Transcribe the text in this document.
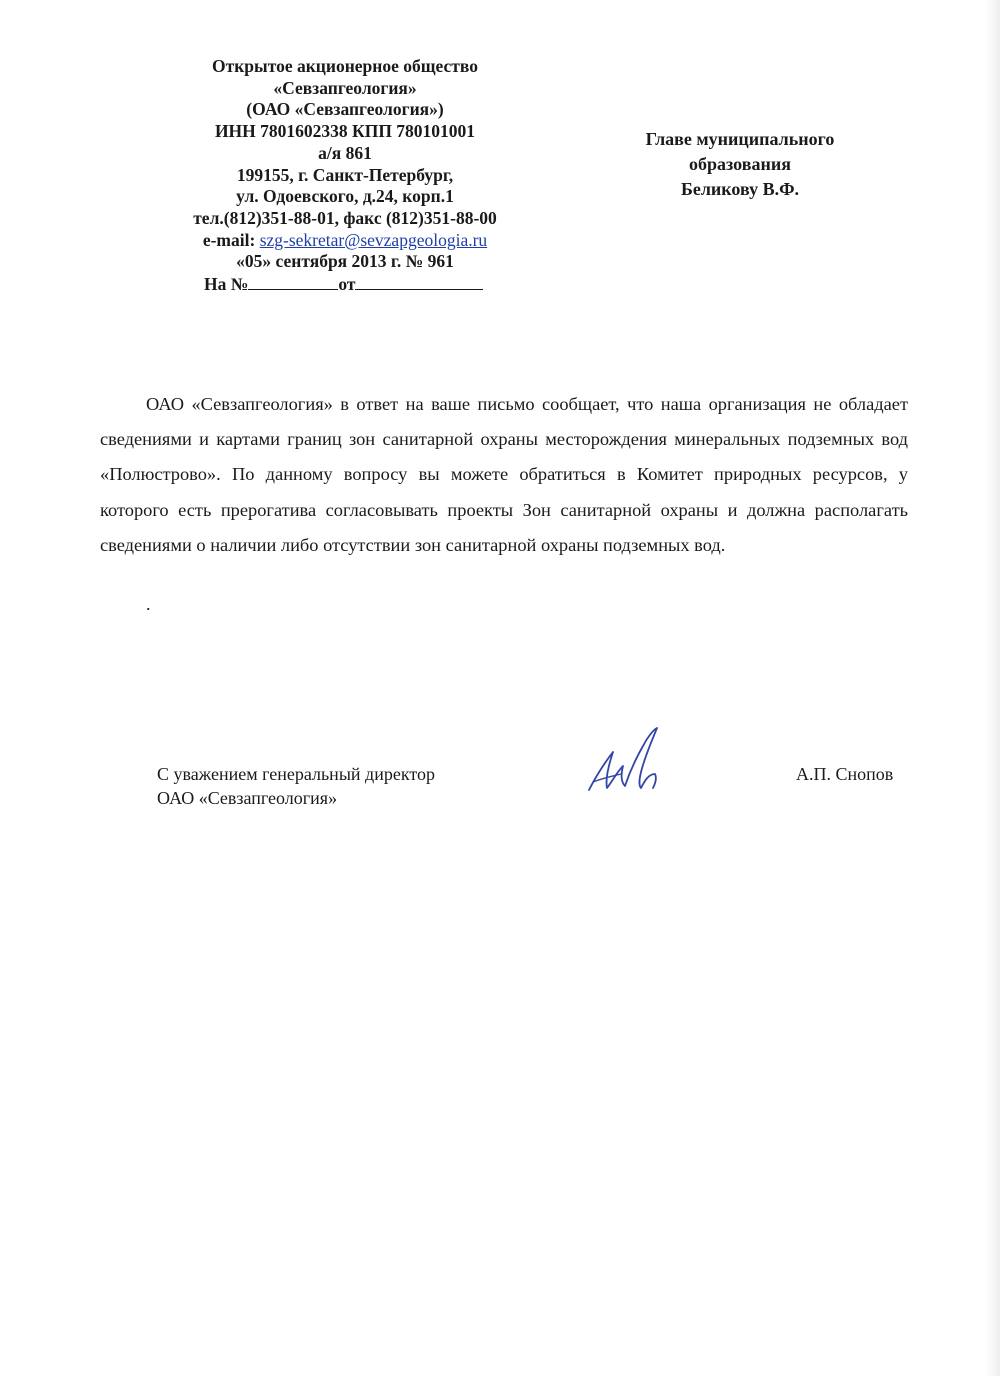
Открытое акционерное общество
«Севзапгеология»
(ОАО «Севзапгеология»)
ИНН 7801602338 КПП 780101001
а/я 861
199155, г. Санкт-Петербург,
ул. Одоевского, д.24, корп.1
тел.(812)351-88-01, факс (812)351-88-00
e-mail: szg-sekretar@sevzapgeologia.ru
«05» сентября 2013 г. № 961
На №	от
Главе муниципального
образования
Беликову В.Ф.

ОАО «Севзапгеология» в ответ на ваше письмо сообщает, что наша организация не обладает сведениями и картами границ зон санитарной охраны месторождения минеральных подземных вод «Полюстрово». По данному вопросу вы можете обратиться в Комитет природных ресурсов, у которого есть прерогатива согласовывать проекты Зон санитарной охраны и должна располагать сведениями о наличии либо отсутствии зон санитарной охраны подземных вод.

.
С уважением генеральный директор
ОАО «Севзапгеология»
А.П. Снопов
